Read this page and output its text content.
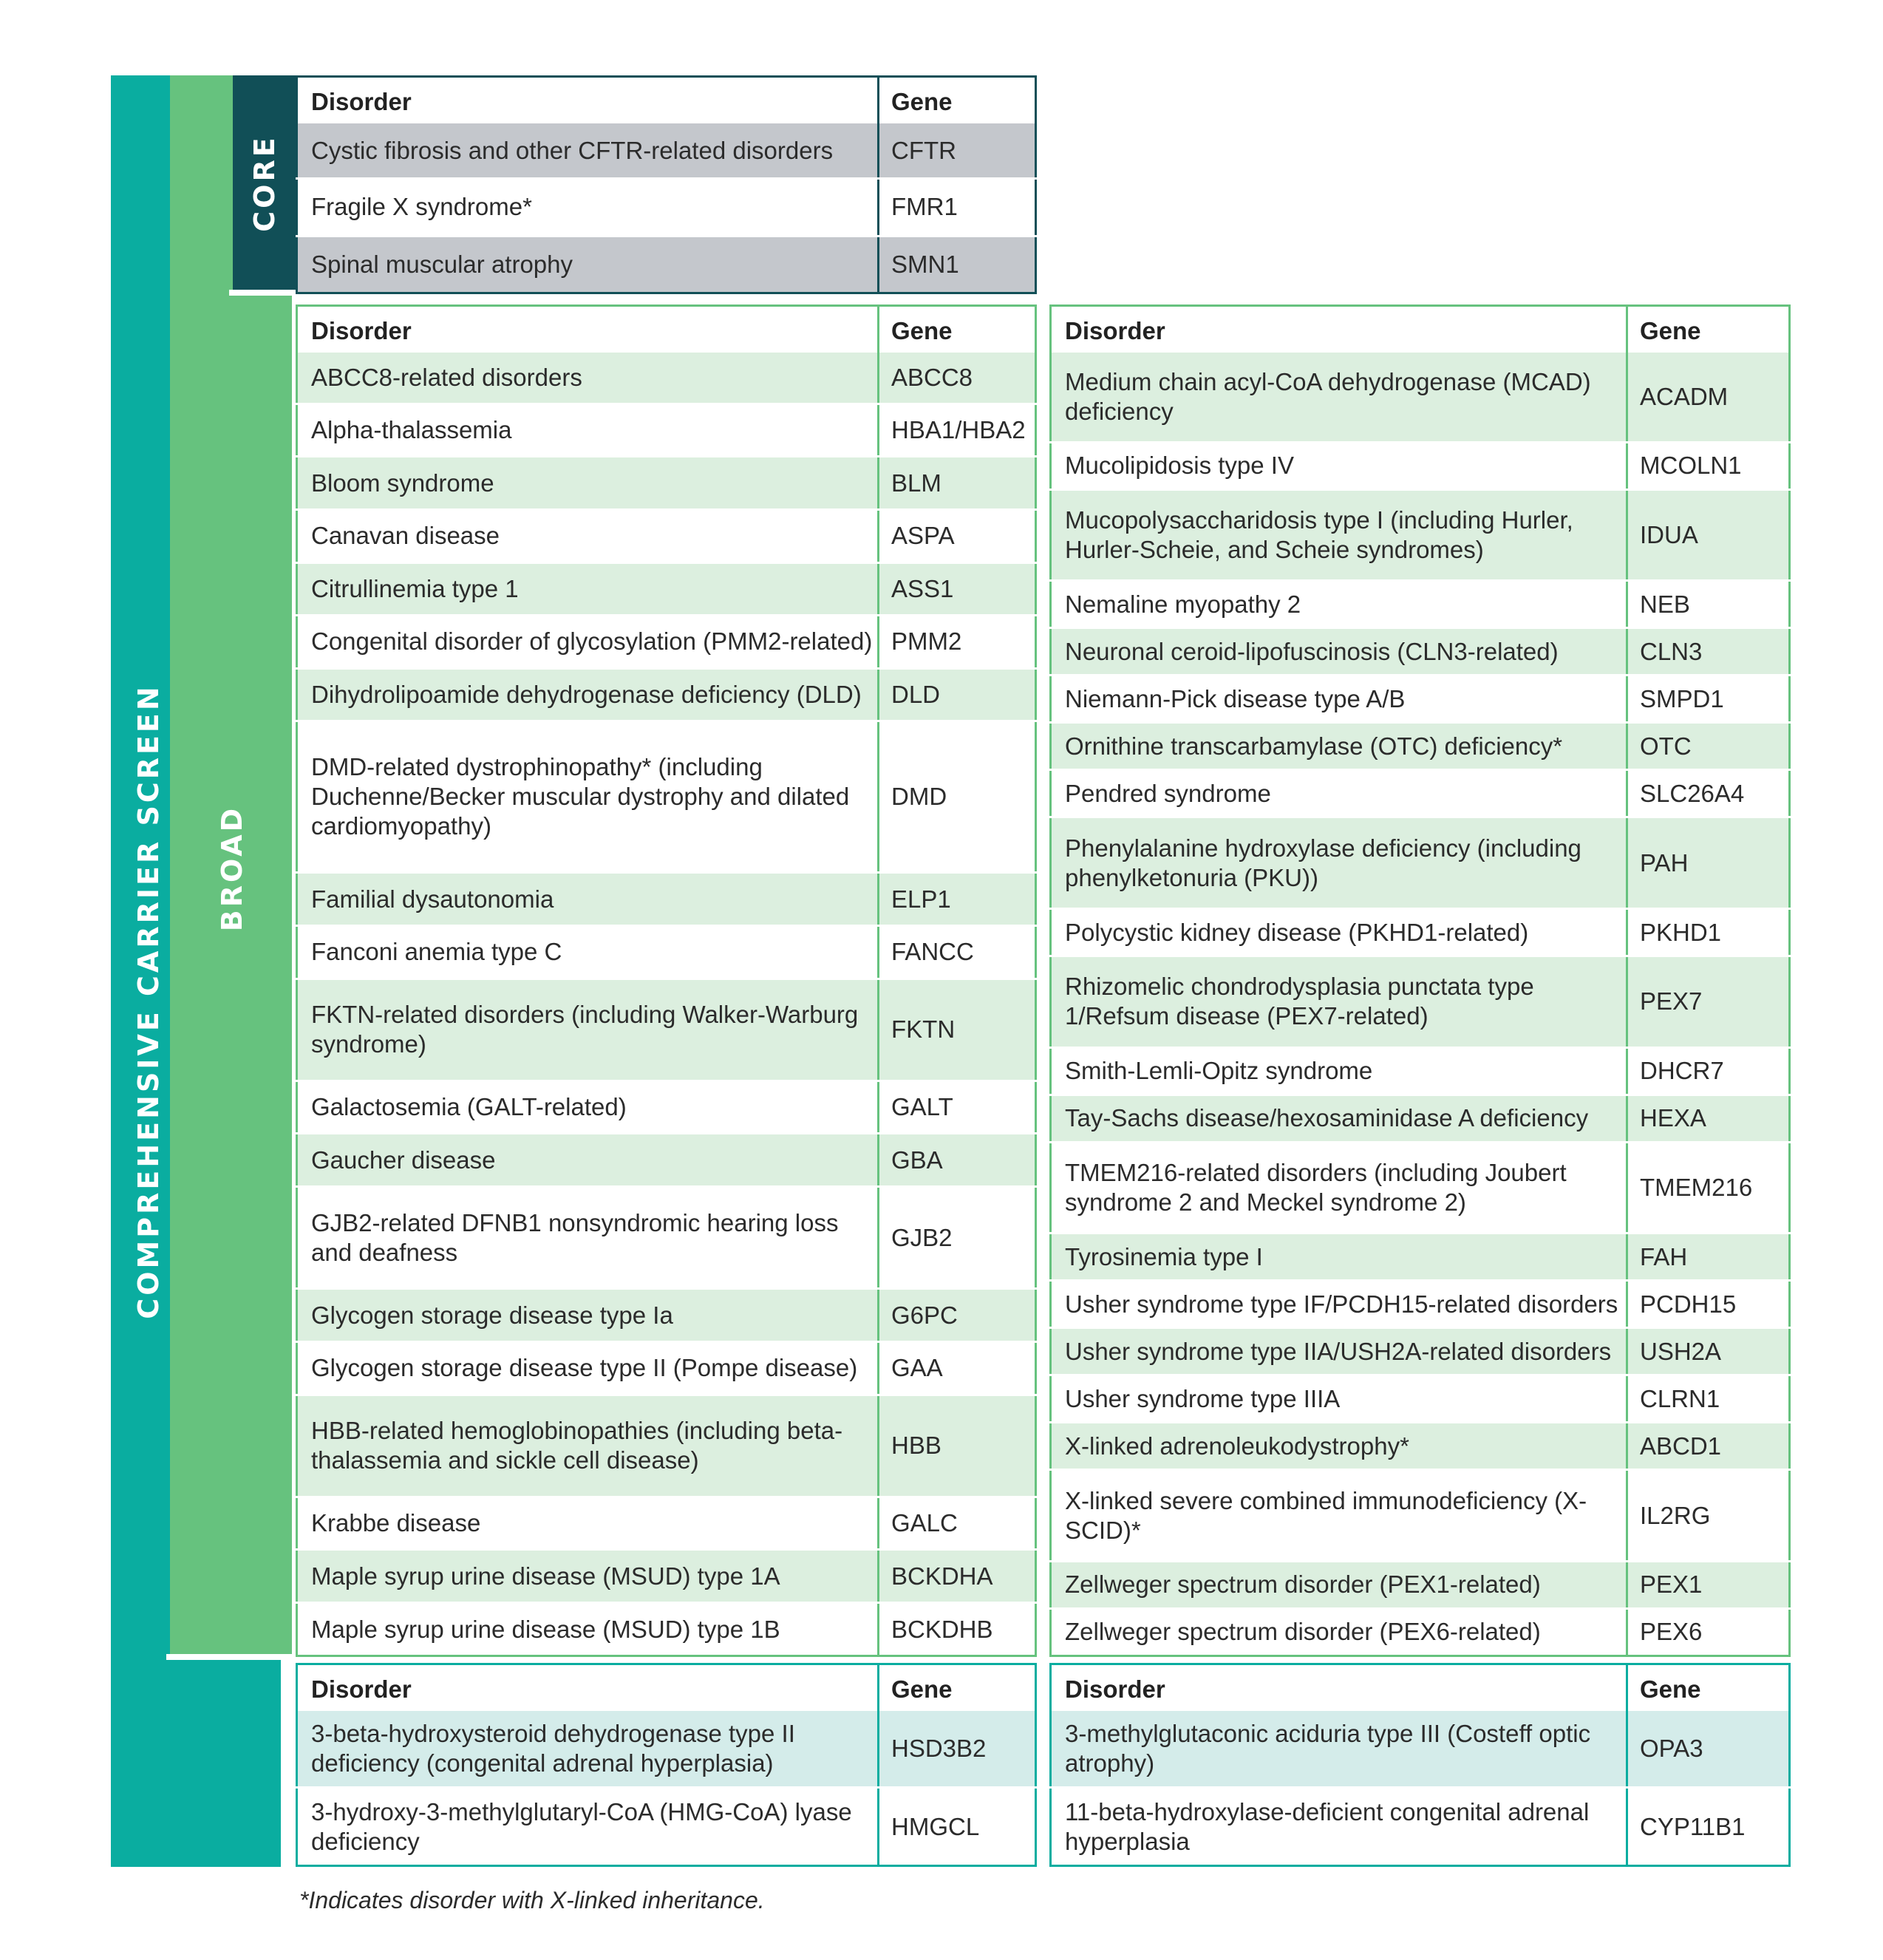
COMPREHENSIVE CARRIER SCREEN BROAD
CORE
Disorder	Gene
Cystic fibrosis and other CFTR-related disorders	CFTR
Fragile X syndrome*	FMR1
Spinal muscular atrophy	SMN1
Disorder	Gene
ABCC8-related disorders	ABCC8
Alpha-thalassemia	HBA1/HBA2
Bloom syndrome	BLM
Canavan disease	ASPA
Citrullinemia type 1	ASS1
Congenital disorder of glycosylation (PMM2-related)	PMM2
Dihydrolipoamide dehydrogenase deficiency (DLD)	DLD
DMD-related dystrophinopathy* (including Duchenne/Becker muscular dystrophy and dilated cardiomyopathy)	DMD
Familial dysautonomia	ELP1
Fanconi anemia type C	FANCC
FKTN-related disorders (including Walker-Warburg syndrome)	FKTN
Galactosemia (GALT-related)	GALT
Gaucher disease	GBA
GJB2-related DFNB1 nonsyndromic hearing loss and deafness	GJB2
Glycogen storage disease type Ia	G6PC
Glycogen storage disease type II (Pompe disease)	GAA
HBB-related hemoglobinopathies (including beta-thalassemia and sickle cell disease)	HBB
Krabbe disease	GALC
Maple syrup urine disease (MSUD) type 1A	BCKDHA
Maple syrup urine disease (MSUD) type 1B	BCKDHB
Disorder	Gene
Medium chain acyl-CoA dehydrogenase (MCAD) deficiency	ACADM
Mucolipidosis type IV	MCOLN1
Mucopolysaccharidosis type I (including Hurler, Hurler-Scheie, and Scheie syndromes)	IDUA
Nemaline myopathy 2	NEB
Neuronal ceroid-lipofuscinosis (CLN3-related)	CLN3
Niemann-Pick disease type A/B	SMPD1
Ornithine transcarbamylase (OTC) deficiency*	OTC
Pendred syndrome	SLC26A4
Phenylalanine hydroxylase deficiency (including phenylketonuria (PKU))	PAH
Polycystic kidney disease (PKHD1-related)	PKHD1
Rhizomelic chondrodysplasia punctata type 1/Refsum disease (PEX7-related)	PEX7
Smith-Lemli-Opitz syndrome	DHCR7
Tay-Sachs disease/hexosaminidase A deficiency	HEXA
TMEM216-related disorders (including Joubert syndrome 2 and Meckel syndrome 2)	TMEM216
Tyrosinemia type I	FAH
Usher syndrome type IF/PCDH15-related disorders	PCDH15
Usher syndrome type IIA/USH2A-related disorders	USH2A
Usher syndrome type IIIA	CLRN1
X-linked adrenoleukodystrophy*	ABCD1
X-linked severe combined immunodeficiency (X-SCID)*	IL2RG
Zellweger spectrum disorder (PEX1-related)	PEX1
Zellweger spectrum disorder (PEX6-related)	PEX6
Disorder	Gene
3-beta-hydroxysteroid dehydrogenase type II deficiency (congenital adrenal hyperplasia)	HSD3B2
3-hydroxy-3-methylglutaryl-CoA (HMG-CoA) lyase deficiency	HMGCL
Disorder	Gene
3-methylglutaconic aciduria type III (Costeff optic atrophy)	OPA3
11-beta-hydroxylase-deficient congenital adrenal hyperplasia	CYP11B1
*Indicates disorder with X-linked inheritance.
